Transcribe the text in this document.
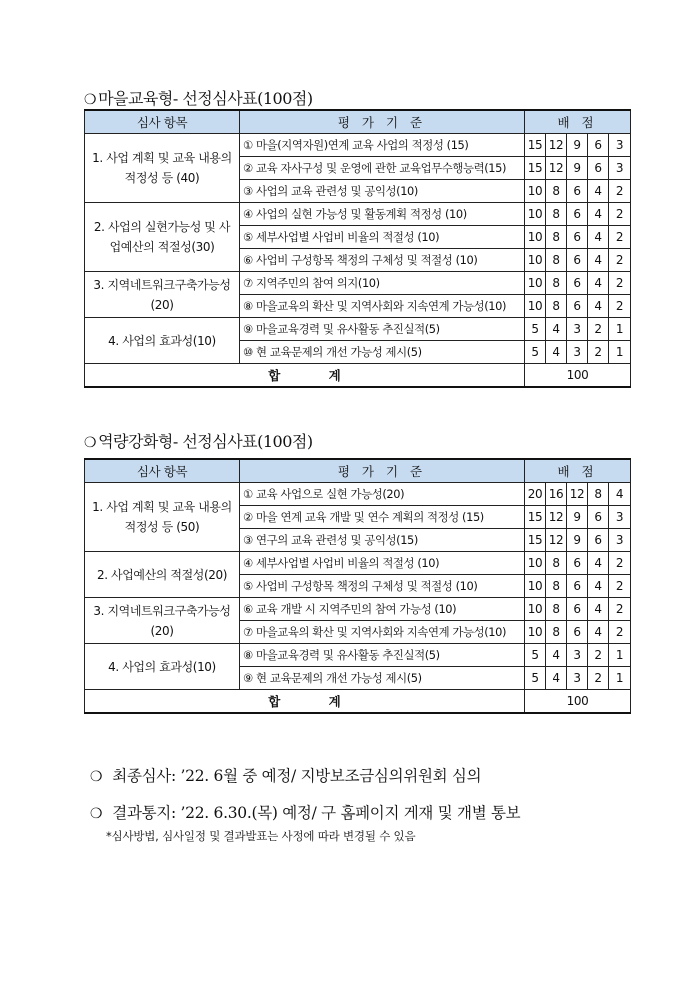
❍ 마을교육형- 선정심사표(100점)
심사 항목	평 가 기 준	배 점				
1. 사업 계획 및 교육 내용의 적정성 등 (40)	① 마을(지역자원)연계 교육 사업의 적정성 (15)	15	12	9	6	3
	② 교육 자사구성 및 운영에 관한 교육업무수행능력(15)	15	12	9	6	3
	③ 사업의 교육 관련성 및 공익성(10)	10	8	6	4	2
2. 사업의 실현가능성 및 사업예산의 적절성(30)	④ 사업의 실현 가능성 및 활동계획 적정성 (10)	10	8	6	4	2
	⑤ 세부사업별 사업비 비율의 적절성 (10)	10	8	6	4	2
	⑥ 사업비 구성항목 책정의 구체성 및 적절성 (10)	10	8	6	4	2
3. 지역네트워크구축가능성 (20)	⑦ 지역주민의 참여 의지(10)	10	8	6	4	2
	⑧ 마을교육의 확산 및 지역사회와 지속연계 가능성(10)	10	8	6	4	2
4. 사업의 효과성(10)	⑨ 마을교육경력 및 유사활동 추진실적(5)	5	4	3	2	1
	⑩ 현 교육문제의 개선 가능성 제시(5)	5	4	3	2	1
합 계		100				
❍ 역량강화형- 선정심사표(100점)
심사 항목	평 가 기 준	배 점				
1. 사업 계획 및 교육 내용의 적정성 등 (50)	① 교육 사업으로 실현 가능성(20)	20	16	12	8	4
	② 마을 연계 교육 개발 및 연수 계획의 적정성 (15)	15	12	9	6	3
	③ 연구의 교육 관련성 및 공익성(15)	15	12	9	6	3
2. 사업예산의 적절성(20)	④ 세부사업별 사업비 비율의 적절성 (10)	10	8	6	4	2
	⑤ 사업비 구성항목 책정의 구체성 및 적절성 (10)	10	8	6	4	2
3. 지역네트워크구축가능성 (20)	⑥ 교육 개발 시 지역주민의 참여 가능성 (10)	10	8	6	4	2
	⑦ 마을교육의 확산 및 지역사회와 지속연계 가능성(10)	10	8	6	4	2
4. 사업의 효과성(10)	⑧ 마을교육경력 및 유사활동 추진실적(5)	5	4	3	2	1
	⑨ 현 교육문제의 개선 가능성 제시(5)	5	4	3	2	1
합 계		100				
❍ 최종심사: ’22. 6월 중 예정/ 지방보조금심의위원회 심의
❍ 결과통지: ’22. 6.30.(목) 예정/ 구 홈페이지 게재 및 개별 통보
*심사방법, 심사일정 및 결과발표는 사정에 따라 변경될 수 있음
